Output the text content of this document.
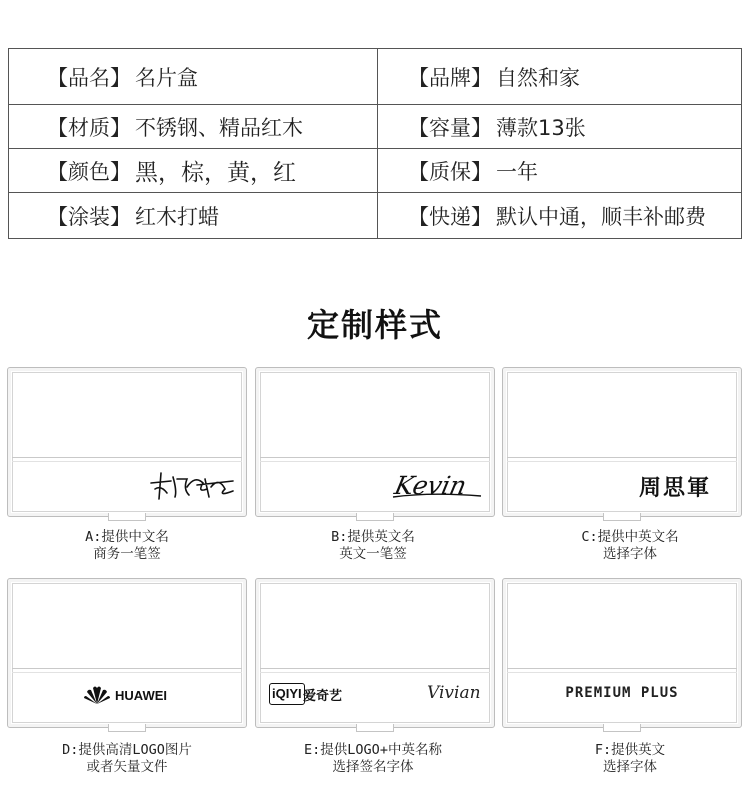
【品名】 名片盒	【品牌】 自然和家
【材质】 不锈钢、精品红木	【容量】 薄款13张
【颜色】 黑，棕，黄，红	【质保】 一年
【涂装】 红木打蜡	【快递】 默认中通，顺丰补邮费
定制样式
Kevin	周思軍
A:提供中文名
商务一笔签
B:提供英文名
英文一笔签
C:提供中英文名
选择字体
HUAWEI	iQIYI 爱奇艺	Vivian	PREMIUM PLUS
D:提供高清LOGO图片
或者矢量文件
E:提供LOGO+中英名称
选择签名字体
F:提供英文
选择字体
